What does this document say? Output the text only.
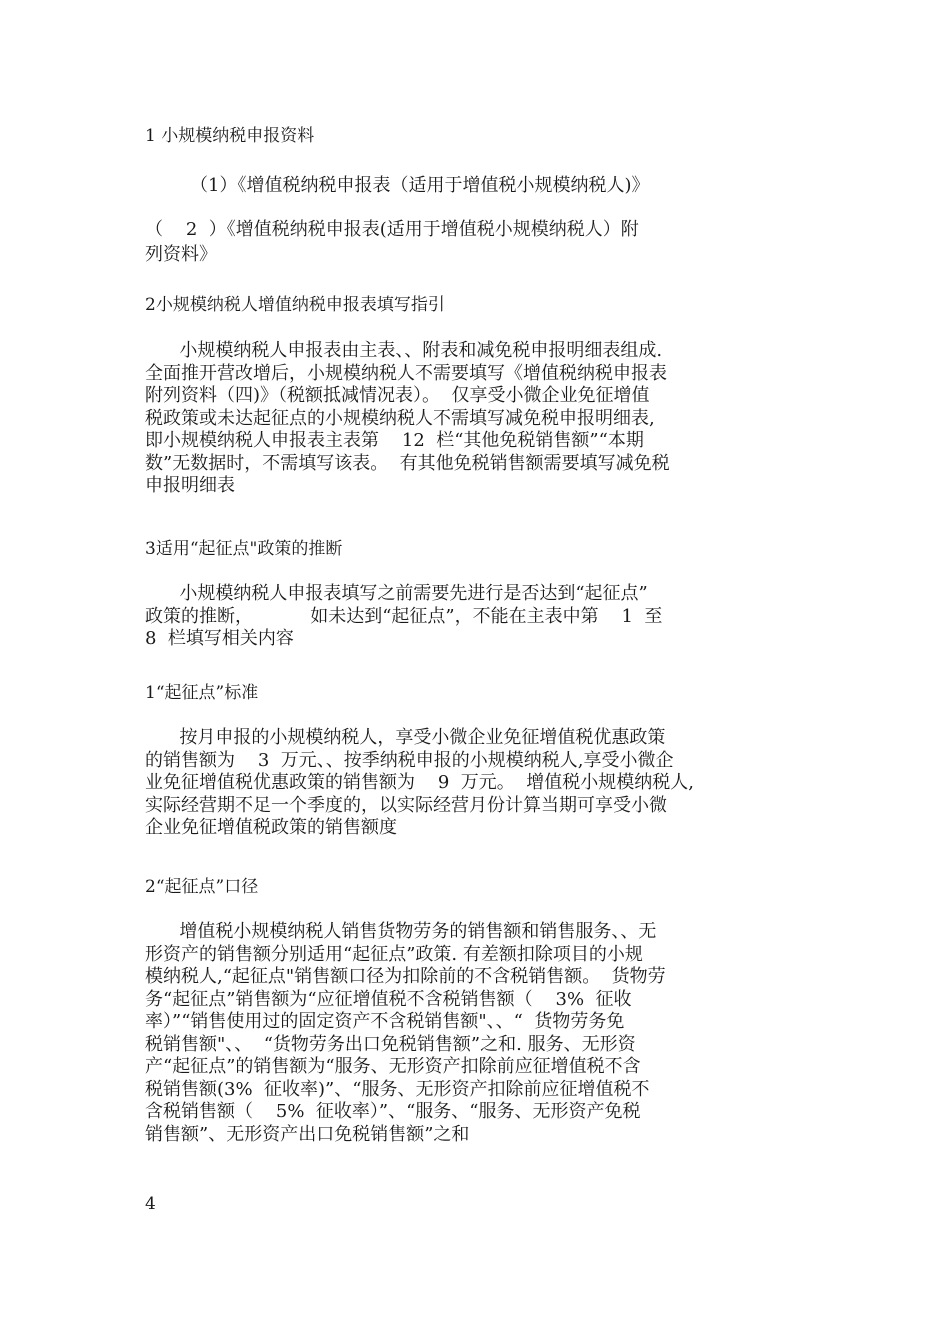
1 小规模纳税申报资料
（1）《增值税纳税申报表（适用于增值税小规模纳税人)》
（    2  ）《增值税纳税申报表(适用于增值税小规模纳税人）附
列资料》
2小规模纳税人增值纳税申报表填写指引
小规模纳税人申报表由主表、、附表和减免税申报明细表组成.
全面推开营改增后，小规模纳税人不需要填写《增值税纳税申报表
附列资料（四)》（税额抵减情况表）。  仅享受小微企业免征增值
税政策或未达起征点的小规模纳税人不需填写减免税申报明细表,
即小规模纳税人申报表主表第    12  栏“其他免税销售额”“本期
数”无数据时，不需填写该表。  有其他免税销售额需要填写减免税
申报明细表
3适用“起征点"政策的推断
小规模纳税人申报表填写之前需要先进行是否达到“起征点”
政策的推断，          如未达到“起征点”，不能在主表中第    1  至
8  栏填写相关内容
1“起征点”标准
按月申报的小规模纳税人，享受小微企业免征增值税优惠政策
的销售额为    3  万元、、按季纳税申报的小规模纳税人,享受小微企
业免征增值税优惠政策的销售额为    9  万元。  增值税小规模纳税人,
实际经营期不足一个季度的，以实际经营月份计算当期可享受小微
企业免征增值税政策的销售额度
2“起征点”口径
增值税小规模纳税人销售货物劳务的销售额和销售服务、、无
形资产的销售额分别适用“起征点”政策. 有差额扣除项目的小规
模纳税人,“起征点"销售额口径为扣除前的不含税销售额。  货物劳
务“起征点”销售额为“应征增值税不含税销售额（    3%  征收
率）”“销售使用过的固定资产不含税销售额"、、“  货物劳务免
税销售额"、、  “货物劳务出口免税销售额”之和. 服务、无形资
产“起征点”的销售额为“服务、无形资产扣除前应征增值税不含
税销售额(3%  征收率)”、“服务、无形资产扣除前应征增值税不
含税销售额（    5%  征收率）”、“服务、“服务、无形资产免税
销售额”、无形资产出口免税销售额”之和
4
